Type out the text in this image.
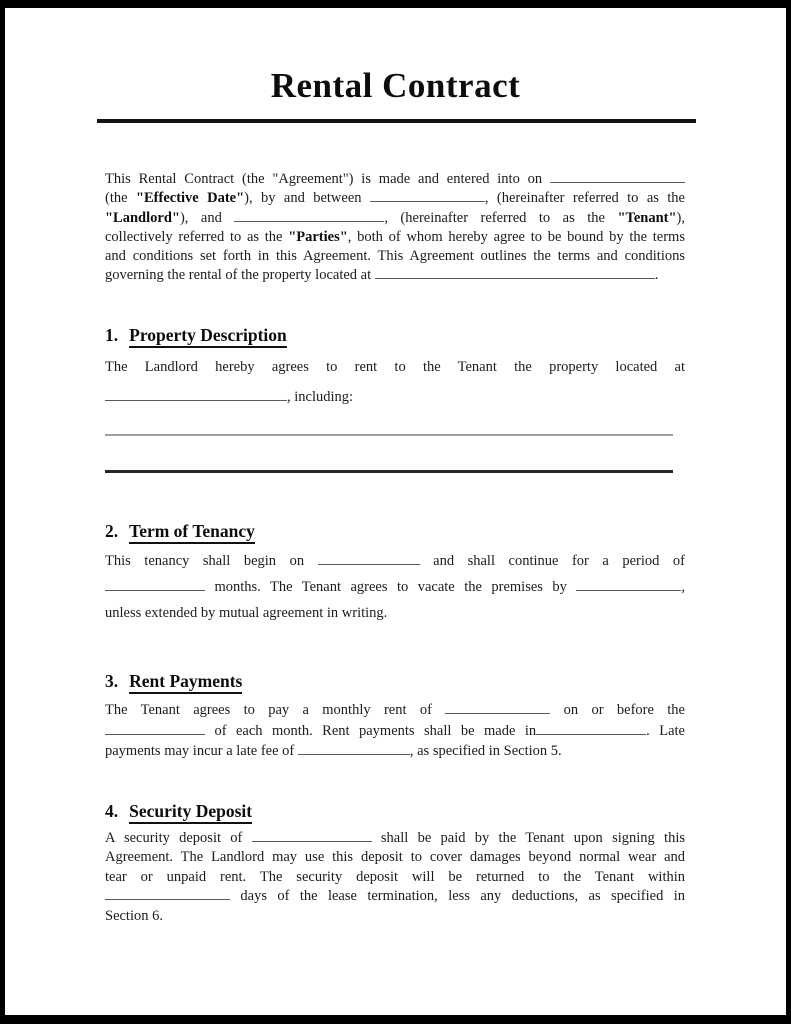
Rental Contract
This Rental Contract (the "Agreement") is made and entered into on
(the "Effective Date"), by and between	, (hereinafter referred to as the
"Landlord"), and	, (hereinafter referred to as the "Tenant"),
collectively referred to as the "Parties", both of whom hereby agree to be bound by the terms
and conditions set forth in this Agreement. This Agreement outlines the terms and conditions
governing the rental of the property located at	.
1. Property Description
The Landlord hereby agrees to rent to the Tenant the property located at
, including:
2. Term of Tenancy
This tenancy shall begin on	and shall continue for a period of
months. The Tenant agrees to vacate the premises by	,
unless extended by mutual agreement in writing.
3. Rent Payments
The Tenant agrees to pay a monthly rent of	on or before the
of each month. Rent payments shall be made in	. Late
payments may incur a late fee of	, as specified in Section 5.
4. Security Deposit
A security deposit of	shall be paid by the Tenant upon signing this
Agreement. The Landlord may use this deposit to cover damages beyond normal wear and
tear or unpaid rent. The security deposit will be returned to the Tenant within
days of the lease termination, less any deductions, as specified in
Section 6.
